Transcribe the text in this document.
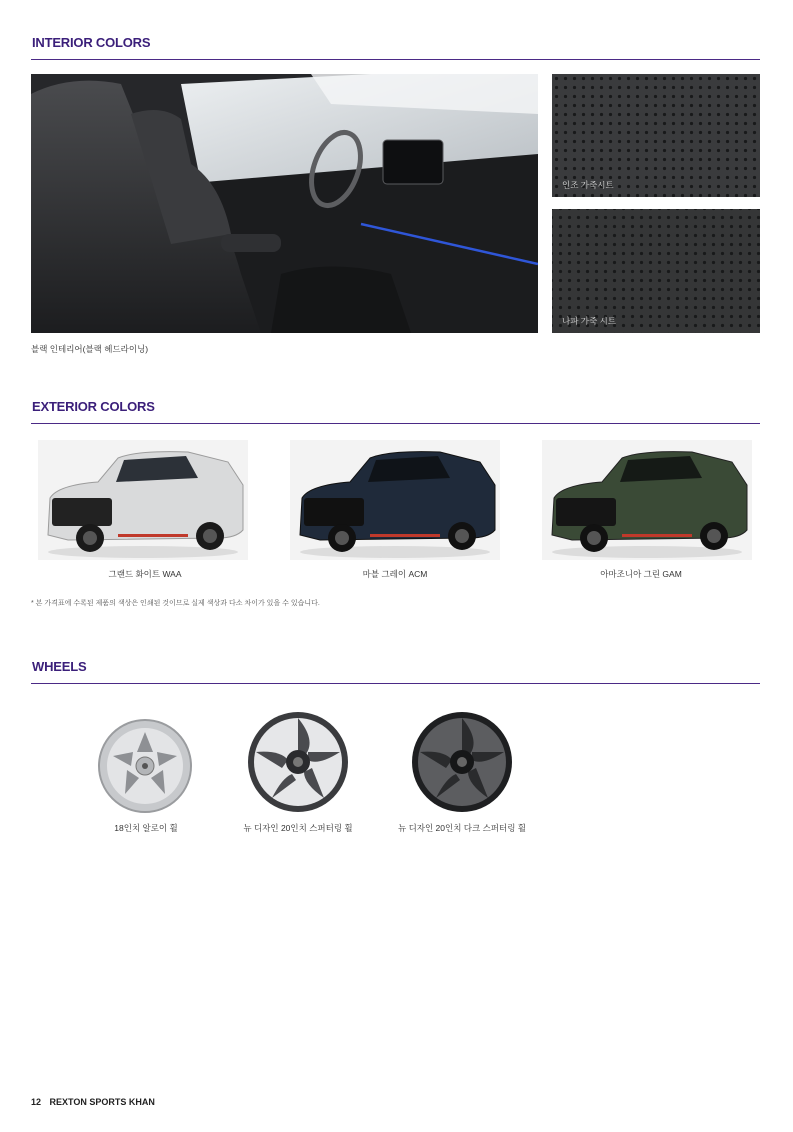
INTERIOR COLORS
블랙 인테리어(블랙 헤드라이닝)
인조 가죽시트
나파 가죽 시트
EXTERIOR COLORS
그랜드 화이트 WAA	마블 그레이 ACM	아마조니아 그린 GAM
* 본 가격표에 수록된 제품의 색상은 인쇄된 것이므로 실제 색상과 다소 차이가 있을 수 있습니다.
WHEELS
18인치 알로이 휠	뉴 디자인 20인치 스퍼터링 휠	뉴 디자인 20인치 다크 스퍼터링 휠
12 REXTON SPORTS KHAN
